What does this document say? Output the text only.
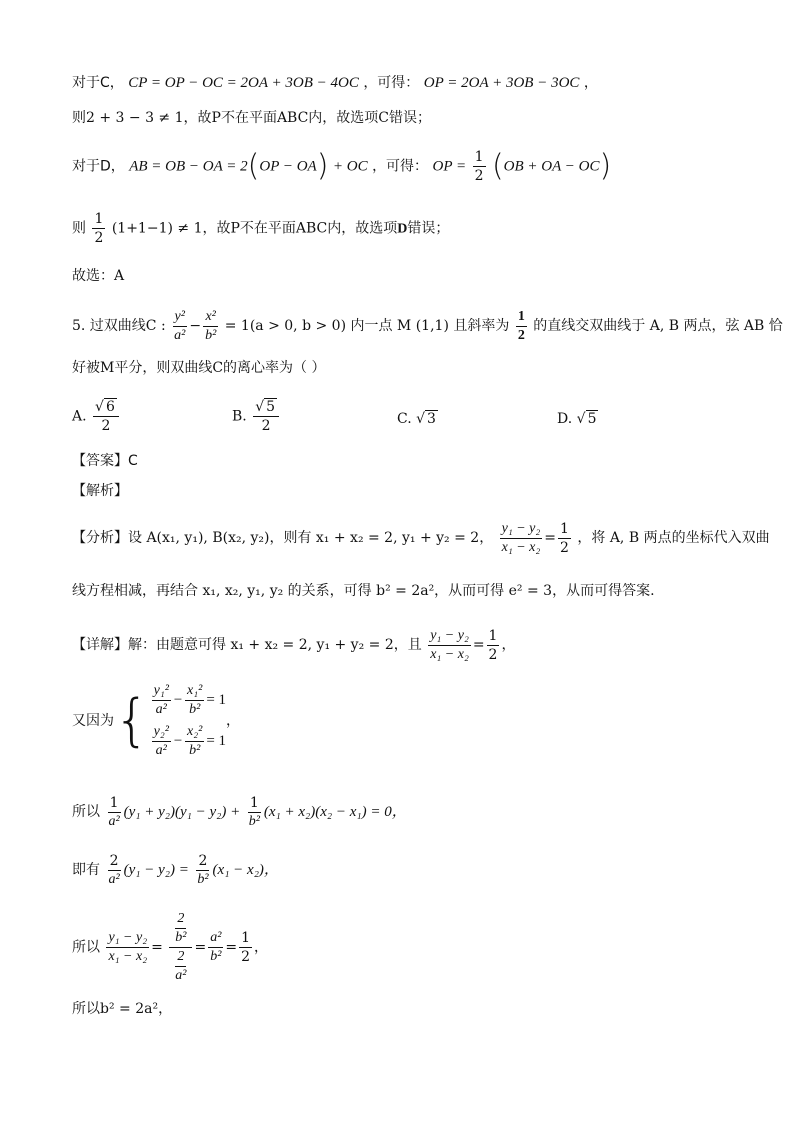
对于C， CP = OP − OC = 2OA + 3OB − 4OC ，可得： OP = 2OA + 3OB − 3OC ，
则2 + 3 − 3 ≠ 1，故P不在平面ABC内，故选项C错误；
对于D， AB = OB − OA = 2(OP − OA) + OC ，可得： OP = $\frac{1}{2} (OB$ + OA − OC)
则 $\frac{1}{2} (1+1-1) \ne 1$，故P不在平面ABC内，故选项D错误；
故选：A
5. 过双曲线C : $\frac{\text{y²}}{\text{a²}} - \frac{\text{x²}}{\text{b²}} = 1(a > 0$, b > 0) 内一点 M (1,1) 且斜率为 $\frac{1}{2}$ 的直线交双曲线于 A, B 两点，弦 AB 恰
好被M平分，则双曲线C的离心率为（ ）
A. $\frac{√ 6}{2}$	B. $\frac{√ 5}{2}$	C. √ 3	D. √ 5
【答案】C
【解析】
【分析】设 A(x₁, y₁), B(x₂, y₂)，则有 x₁ + x₂ = 2, y₁ + y₂ = 2， $\frac{\text{y₁ − y₂}}{\text{x₁ − x₂}} = \frac{1}{2}$ ，将 A, B 两点的坐标代入双曲
线方程相减，再结合 x₁, x₂, y₁, y₂ 的关系，可得 b² = 2a²，从而可得 e² = 3，从而可得答案.
【详解】解：由题意可得 x₁ + x₂ = 2, y₁ + y₂ = 2，且 $\frac{\text{y₁ − y₂}}{\text{x₁ − x₂}} = \frac{1}{2}$ ，
又因为 { $\frac{\text{y₁²}}{\text{a²}} - \frac{\text{x₁²}}{\text{b²}} = 1$
$\frac{\text{y₂²}}{\text{a²}} - \frac{\text{x₂²}}{\text{b²}} = 1$
，
所以 $\frac{1}{\text{a²}} (y_1 + y_2)(y_1 - y_2) + \frac{1}{\text{b²}} (x_1 + x_2)(x_2 - x_1) = 0$，
即有 $\frac{2}{\text{a²}} (y_1 - y_2) = \frac{2}{\text{b²}} (x_1 - x_2)$，
所以 $\frac{\text{y₁ − y₂}}{\text{x₁ − x₂}} = \frac{\frac{2}{\text{b²}}}{\frac{2}{\text{a²}}} = \frac{\text{a²}}{\text{b²}} = \frac{1}{2}$ ，
所以b² = 2a²，
